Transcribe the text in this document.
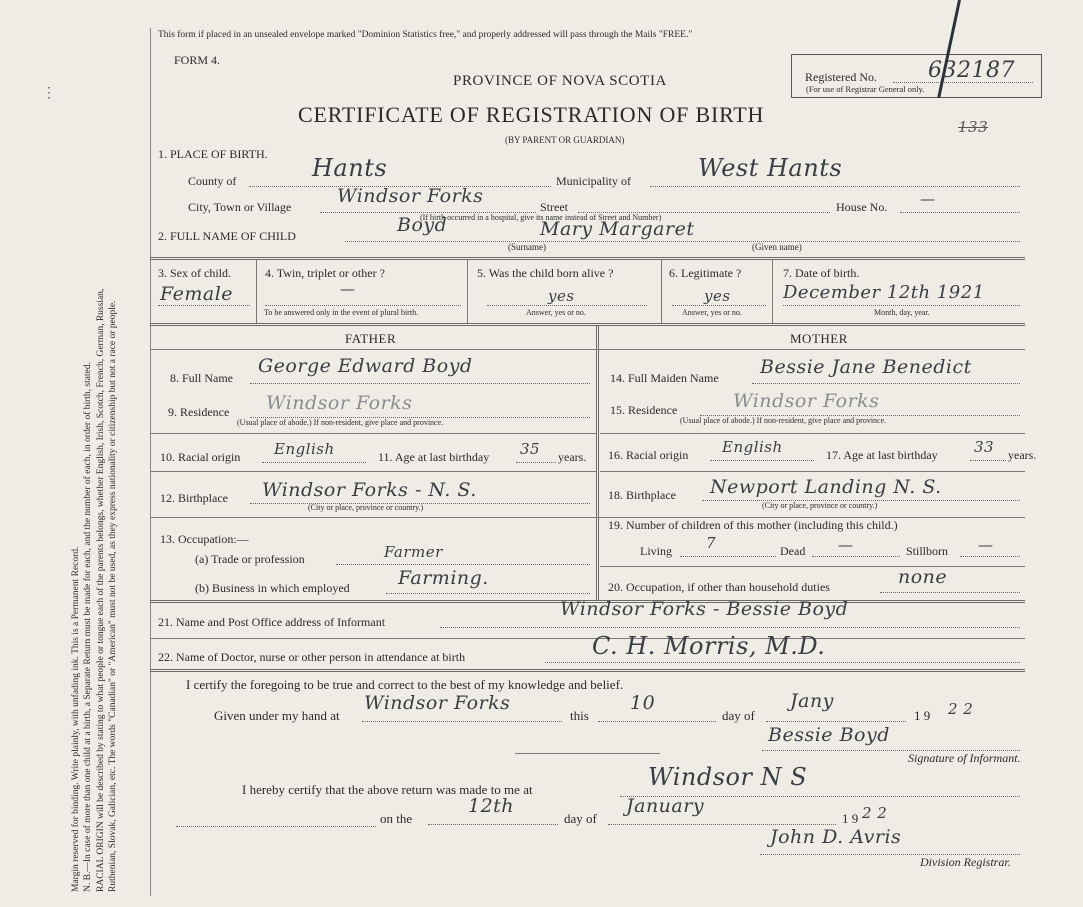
Margin reserved for binding. Write plainly, with unfading ink. This is a Permanent Record. N. B.—In case of more than one child at a birth, a Separate Return must be made for each, and the number of each, in order of birth, stated. RACIAL ORIGIN will be described by stating to what people or tongue each of the parents belongs, whether English, Irish, Scotch, French, German, Russian, Ruthenian, Slovak, Galician, etc. The words "Canadian" or "American" must not be used, as they express nationality or citizenship but not a race or people.
⋮
This form if placed in an unsealed envelope marked "Dominion Statistics free," and properly addressed will pass through the Mails "FREE."
FORM 4.
PROVINCE OF NOVA SCOTIA
CERTIFICATE OF REGISTRATION OF BIRTH
(BY PARENT OR GUARDIAN)
Registered No. 632187
(For use of Registrar General only.
133
1. PLACE OF BIRTH.
County of	Hants	Municipality of	West Hants
City, Town or Village Windsor Forks	Street	House No. —
(If birth occurred in a hospital, give its name instead of Street and Number)
2. FULL NAME OF CHILD	Boyd	Mary Margaret
(Surname)	(Given name)
3. Sex of child.
Female
4. Twin, triplet or other ?
—
To be answered only in the event of plural birth.
5. Was the child born alive ?
yes
Answer, yes or no.
6. Legitimate ?
yes
Answer, yes or no.
7. Date of birth.
December 12th 1921
Month, day, year.
FATHER	MOTHER
8. Full Name
George Edward Boyd
9. Residence Windsor Forks
(Usual place of abode.) If non-resident, give place and province.
10. Racial origin English	11. Age at last birthday 35 years.
12. Birthplace Windsor Forks - N. S.
(City or place, province or country.)
13. Occupation:—
(a) Trade or profession	Farmer
(b) Business in which employed	Farming.
14. Full Maiden Name Bessie Jane Benedict
15. Residence	Windsor Forks
(Usual place of abode.) If non-resident, give place and province.
16. Racial origin English	17. Age at last birthday 33 years.
18. Birthplace Newport Landing N. S.
(City or place, province or country.)
19. Number of children of this mother (including this child.)
Living 7	Dead —	Stillborn —
20. Occupation, if other than household duties	none
21. Name and Post Office address of Informant
Windsor Forks - Bessie Boyd
22. Name of Doctor, nurse or other person in attendance at birth	C. H. Morris, M.D.
I certify the foregoing to be true and correct to the best of my knowledge and belief.
Given under my hand at
Windsor Forks
this
10
day of
Jany
1 9 2 2
Bessie Boyd
Signature of Informant.
I hereby certify that the above return was made to me at	Windsor N S
on the
12th
day of
January
1 9 2 2
John D. Avris
Division Registrar.
